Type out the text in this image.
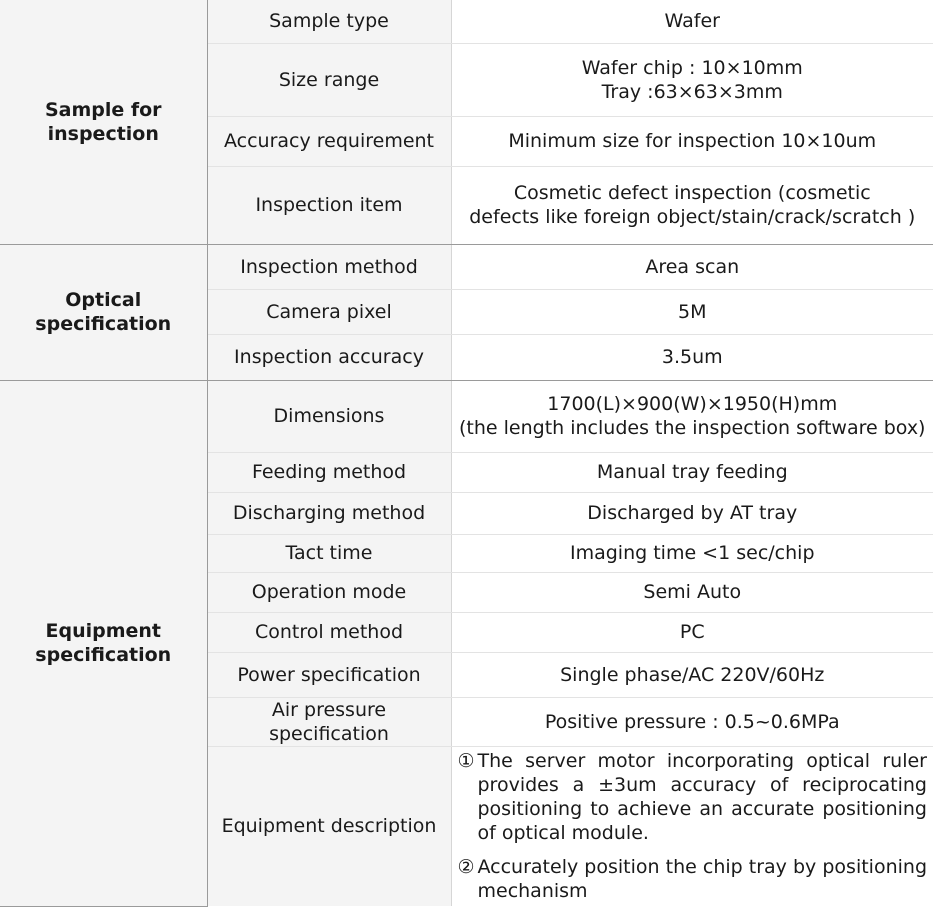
Sample for
inspection	Sample type	Wafer

	Size range	Wafer chip : 10×10mm
Tray :63×63×3mm

	Accuracy requirement	Minimum size for inspection 10×10um

	Inspection item	Cosmetic defect inspection (cosmetic
defects like foreign object/stain/crack/scratch )

Optical
specification	Inspection method	Area scan

	Camera pixel	5M

	Inspection accuracy	3.5um

Equipment
specification	Dimensions	1700(L)×900(W)×1950(H)mm
(the length includes the inspection software box)

	Feeding method	Manual tray feeding

	Discharging method	Discharged by AT tray

	Tact time	Imaging time <1 sec/chip

	Operation mode	Semi Auto

	Control method	PC

	Power specification	Single phase/AC 220V/60Hz

	Air pressure specification	Positive pressure : 0.5~0.6MPa

	Equipment description	① The server motor incorporating optical ruler provides a ±3um accuracy of reciprocating positioning to achieve an accurate positioning of optical module.
② Accurately position the chip tray by positioning mechanism
